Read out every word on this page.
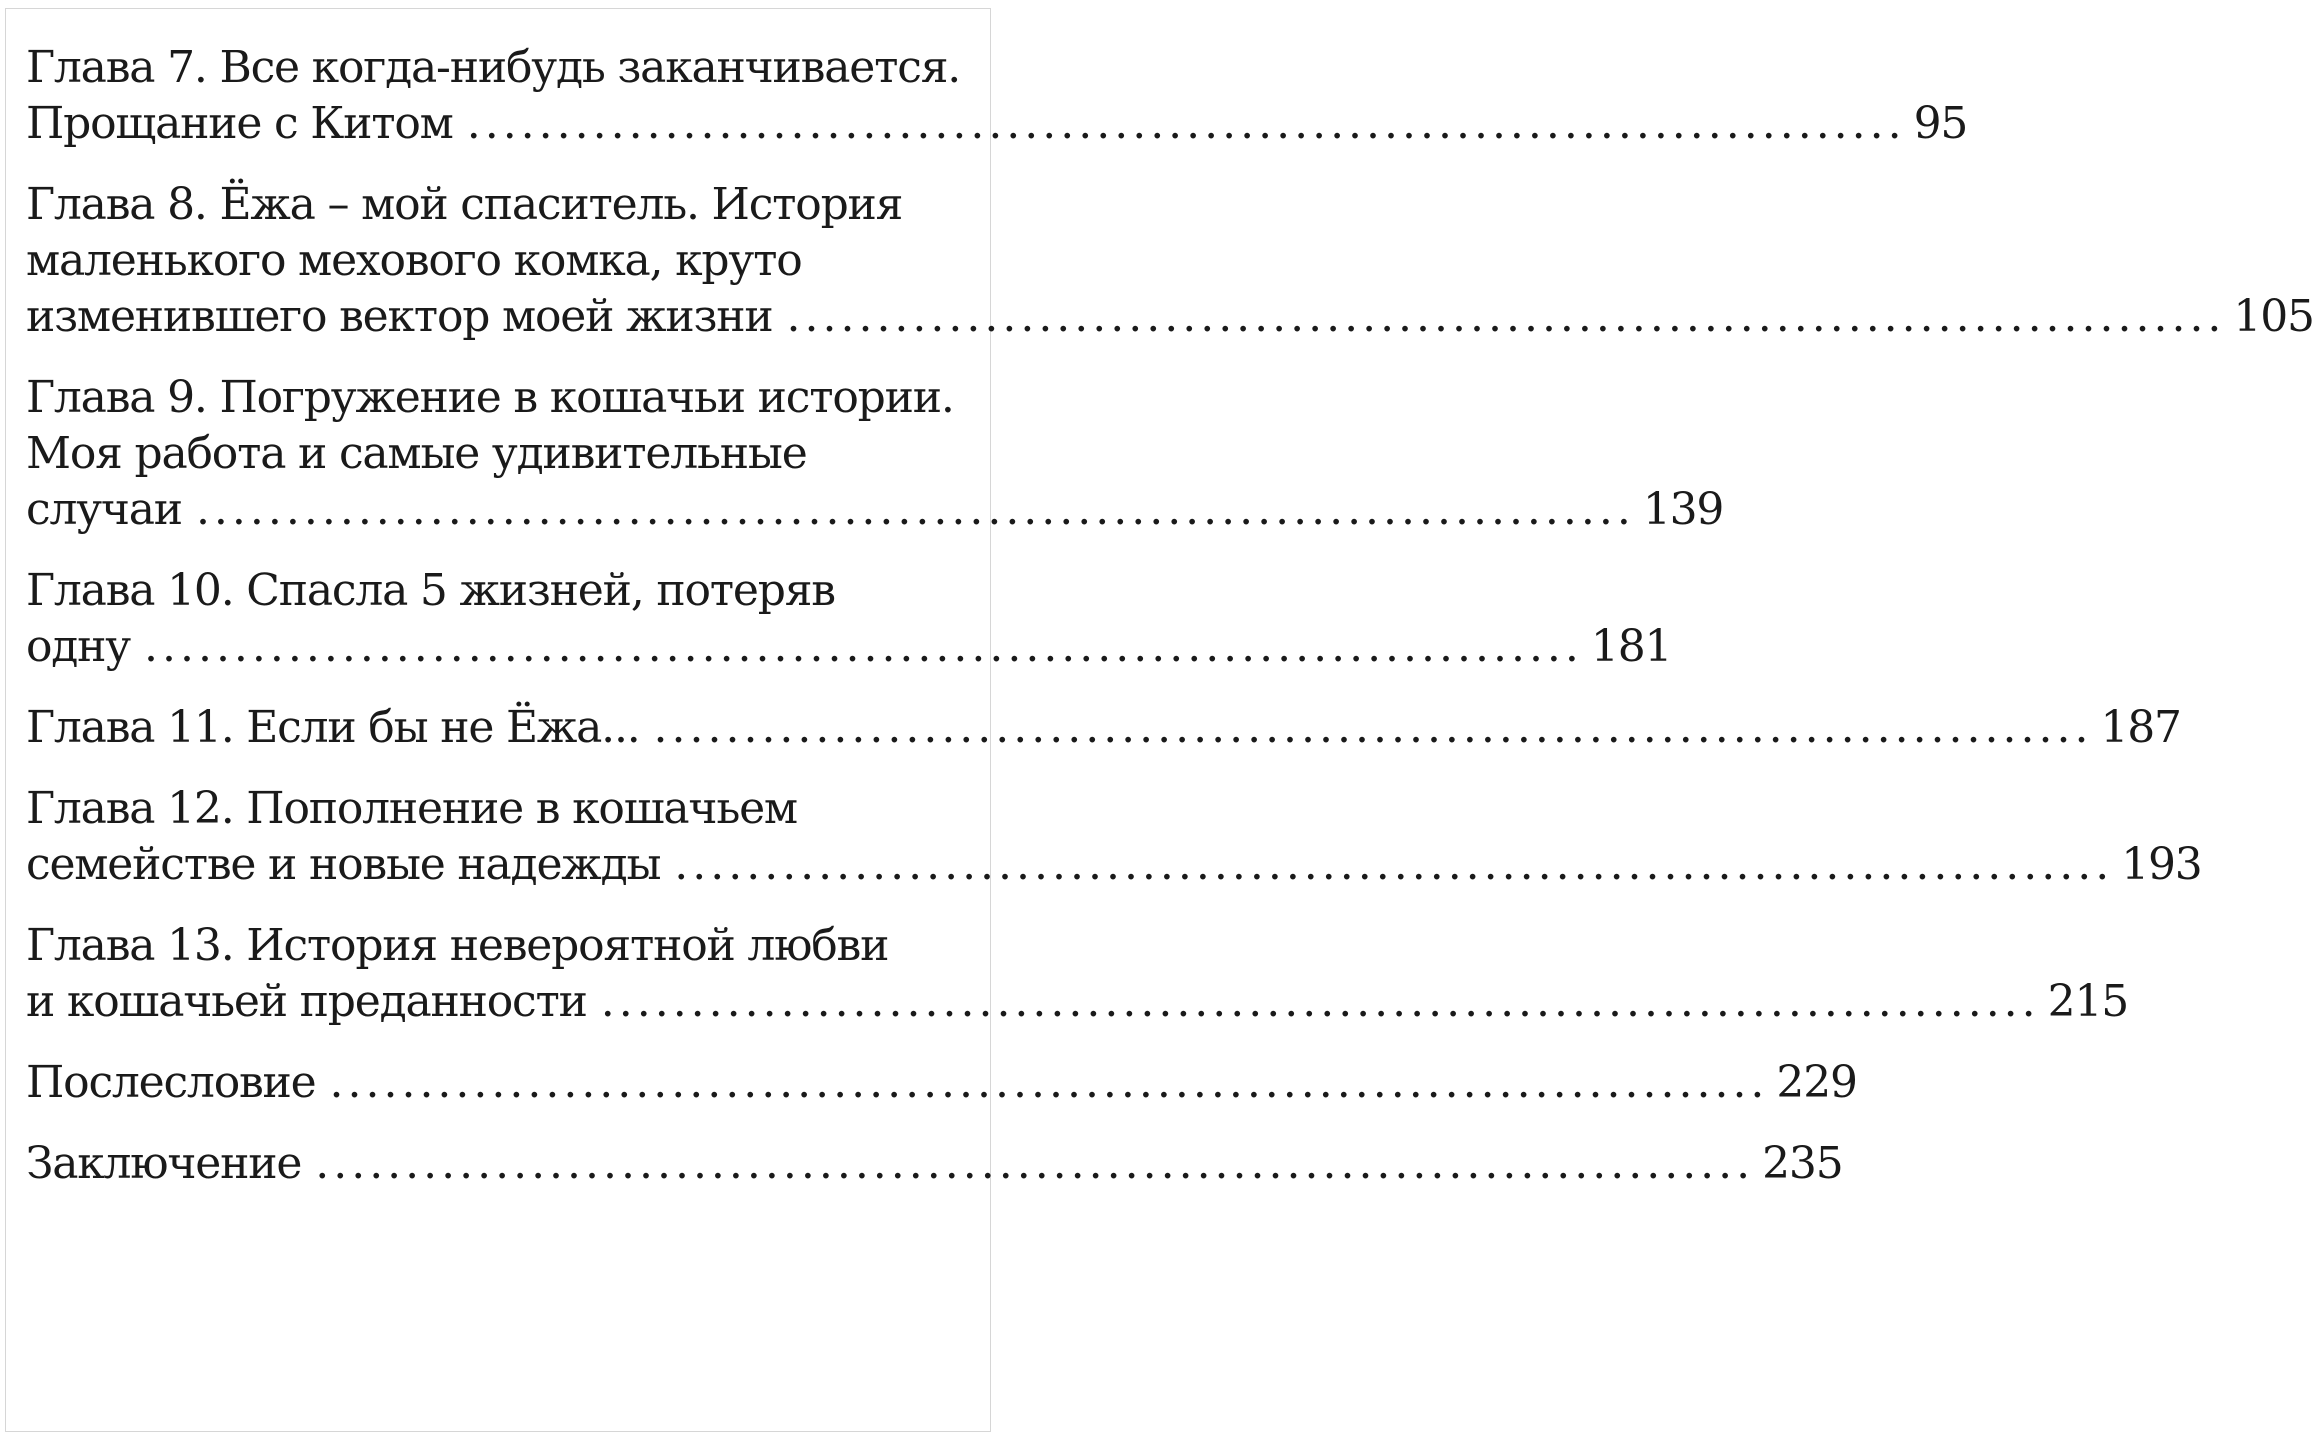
Глава 7. Все когда-нибудь заканчивается.
Прощание с Китом ................................................................................ 95
Глава 8. Ёжа – мой спаситель. История
маленького мехового комка, круто
изменившего вектор моей жизни ................................................................................ 105
Глава 9. Погружение в кошачьи истории.
Моя работа и самые удивительные
случаи ................................................................................ 139
Глава 10. Спасла 5 жизней, потеряв
одну ................................................................................ 181
Глава 11. Если бы не Ёжа... ................................................................................ 187
Глава 12. Пополнение в кошачьем
семействе и новые надежды ................................................................................ 193
Глава 13. История невероятной любви
и кошачьей преданности ................................................................................ 215
Послесловие ................................................................................ 229
Заключение ................................................................................ 235
